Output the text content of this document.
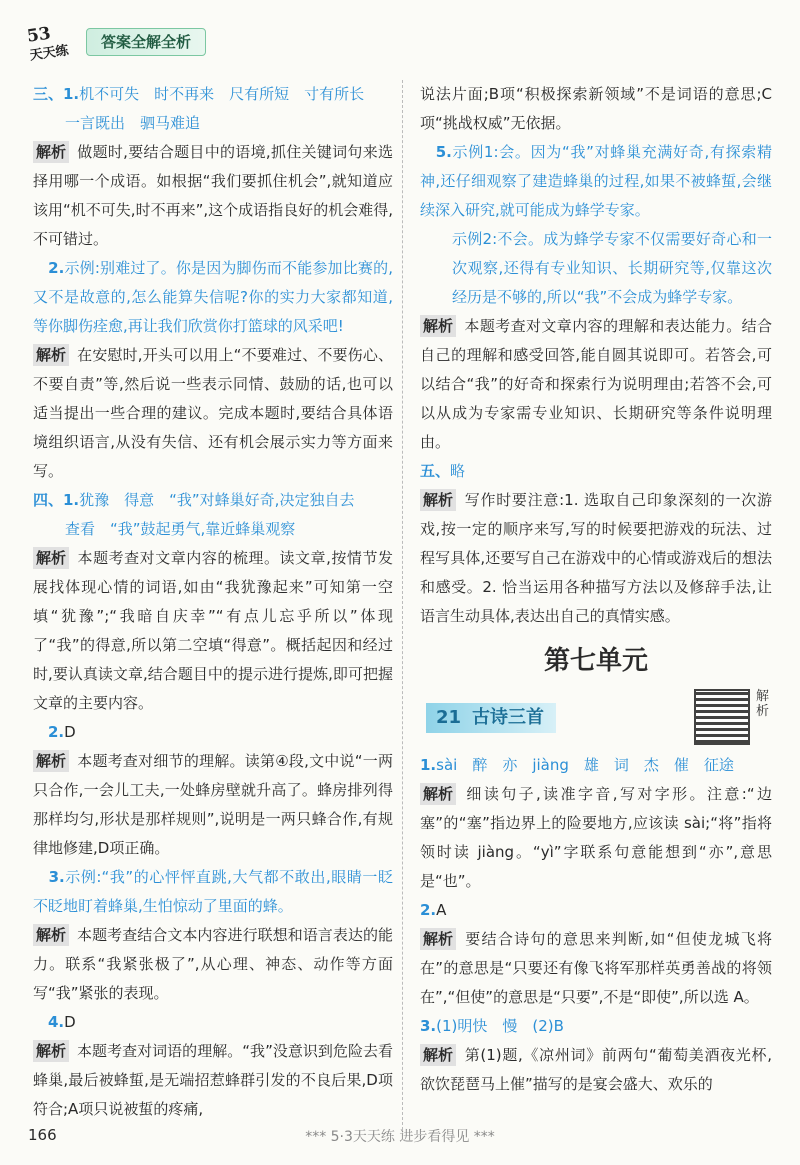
53
天天练
答案全解全析
三、1.机不可失　时不再来　尺有所短　寸有所长
一言既出　驷马难追
解析 做题时,要结合题目中的语境,抓住关键词句来选择用哪一个成语。如根据“我们要抓住机会”,就知道应该用“机不可失,时不再来”,这个成语指良好的机会难得,不可错过。
　2.示例:别难过了。你是因为脚伤而不能参加比赛的,又不是故意的,怎么能算失信呢?你的实力大家都知道,等你脚伤痊愈,再让我们欣赏你打篮球的风采吧!
解析 在安慰时,开头可以用上“不要难过、不要伤心、不要自责”等,然后说一些表示同情、鼓励的话,也可以适当提出一些合理的建议。完成本题时,要结合具体语境组织语言,从没有失信、还有机会展示实力等方面来写。
四、1.犹豫　得意　“我”对蜂巢好奇,决定独自去
查看　“我”鼓起勇气,靠近蜂巢观察
解析 本题考查对文章内容的梳理。读文章,按情节发展找体现心情的词语,如由“我犹豫起来”可知第一空填“犹豫”;“我暗自庆幸”“有点儿忘乎所以”体现了“我”的得意,所以第二空填“得意”。概括起因和经过时,要认真读文章,结合题目中的提示进行提炼,即可把握文章的主要内容。
　2.D
解析 本题考查对细节的理解。读第④段,文中说“一两只合作,一会儿工夫,一处蜂房壁就升高了。蜂房排列得那样均匀,形状是那样规则”,说明是一两只蜂合作,有规律地修建,D项正确。
　3.示例:“我”的心怦怦直跳,大气都不敢出,眼睛一眨不眨地盯着蜂巢,生怕惊动了里面的蜂。
解析 本题考查结合文本内容进行联想和语言表达的能力。联系“我紧张极了”,从心理、神态、动作等方面写“我”紧张的表现。
　4.D
解析 本题考查对词语的理解。“我”没意识到危险去看蜂巢,最后被蜂蜇,是无端招惹蜂群引发的不良后果,D项符合;A项只说被蜇的疼痛,
说法片面;B项“积极探索新领域”不是词语的意思;C项“挑战权威”无依据。
　5.示例1:会。因为“我”对蜂巢充满好奇,有探索精神,还仔细观察了建造蜂巢的过程,如果不被蜂蜇,会继续深入研究,就可能成为蜂学专家。
示例2:不会。成为蜂学专家不仅需要好奇心和一次观察,还得有专业知识、长期研究等,仅靠这次经历是不够的,所以“我”不会成为蜂学专家。
解析 本题考查对文章内容的理解和表达能力。结合自己的理解和感受回答,能自圆其说即可。若答会,可以结合“我”的好奇和探索行为说明理由;若答不会,可以从成为专家需专业知识、长期研究等条件说明理由。
五、略
解析 写作时要注意:1. 选取自己印象深刻的一次游戏,按一定的顺序来写,写的时候要把游戏的玩法、过程写具体,还要写自己在游戏中的心情或游戏后的想法和感受。2. 恰当运用各种描写方法以及修辞手法,让语言生动具体,表达出自己的真情实感。
第七单元
21 古诗三首
解析
1.sài　醉　亦　jiàng　雄　词　杰　催　征途
解析 细读句子,读准字音,写对字形。注意:“边塞”的“塞”指边界上的险要地方,应该读 sài;“将”指将领时读 jiàng。“yì”字联系句意能想到“亦”,意思是“也”。
2.A
解析 要结合诗句的意思来判断,如“但使龙城飞将在”的意思是“只要还有像飞将军那样英勇善战的将领在”,“但使”的意思是“只要”,不是“即使”,所以选 A。
3.(1)明快　慢　(2)B
解析 第(1)题,《凉州词》前两句“葡萄美酒夜光杯,欲饮琵琶马上催”描写的是宴会盛大、欢乐的
166	*** 5·3天天练 进步看得见 ***
